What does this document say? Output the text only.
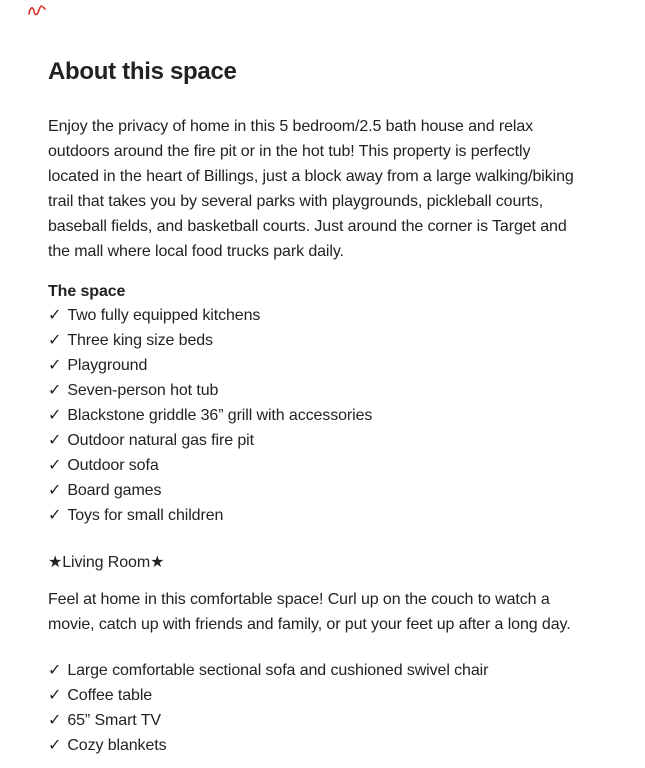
About this space
Enjoy the privacy of home in this 5 bedroom/2.5 bath house and relax
outdoors around the fire pit or in the hot tub! This property is perfectly
located in the heart of Billings, just a block away from a large walking/biking
trail that takes you by several parks with playgrounds, pickleball courts,
baseball fields, and basketball courts. Just around the corner is Target and
the mall where local food trucks park daily.
The space
✓ Two fully equipped kitchens
✓ Three king size beds
✓ Playground
✓ Seven-person hot tub
✓ Blackstone griddle 36” grill with accessories
✓ Outdoor natural gas fire pit
✓ Outdoor sofa
✓ Board games
✓ Toys for small children
★Living Room★
Feel at home in this comfortable space! Curl up on the couch to watch a
movie, catch up with friends and family, or put your feet up after a long day.
✓ Large comfortable sectional sofa and cushioned swivel chair
✓ Coffee table
✓ 65” Smart TV
✓ Cozy blankets
